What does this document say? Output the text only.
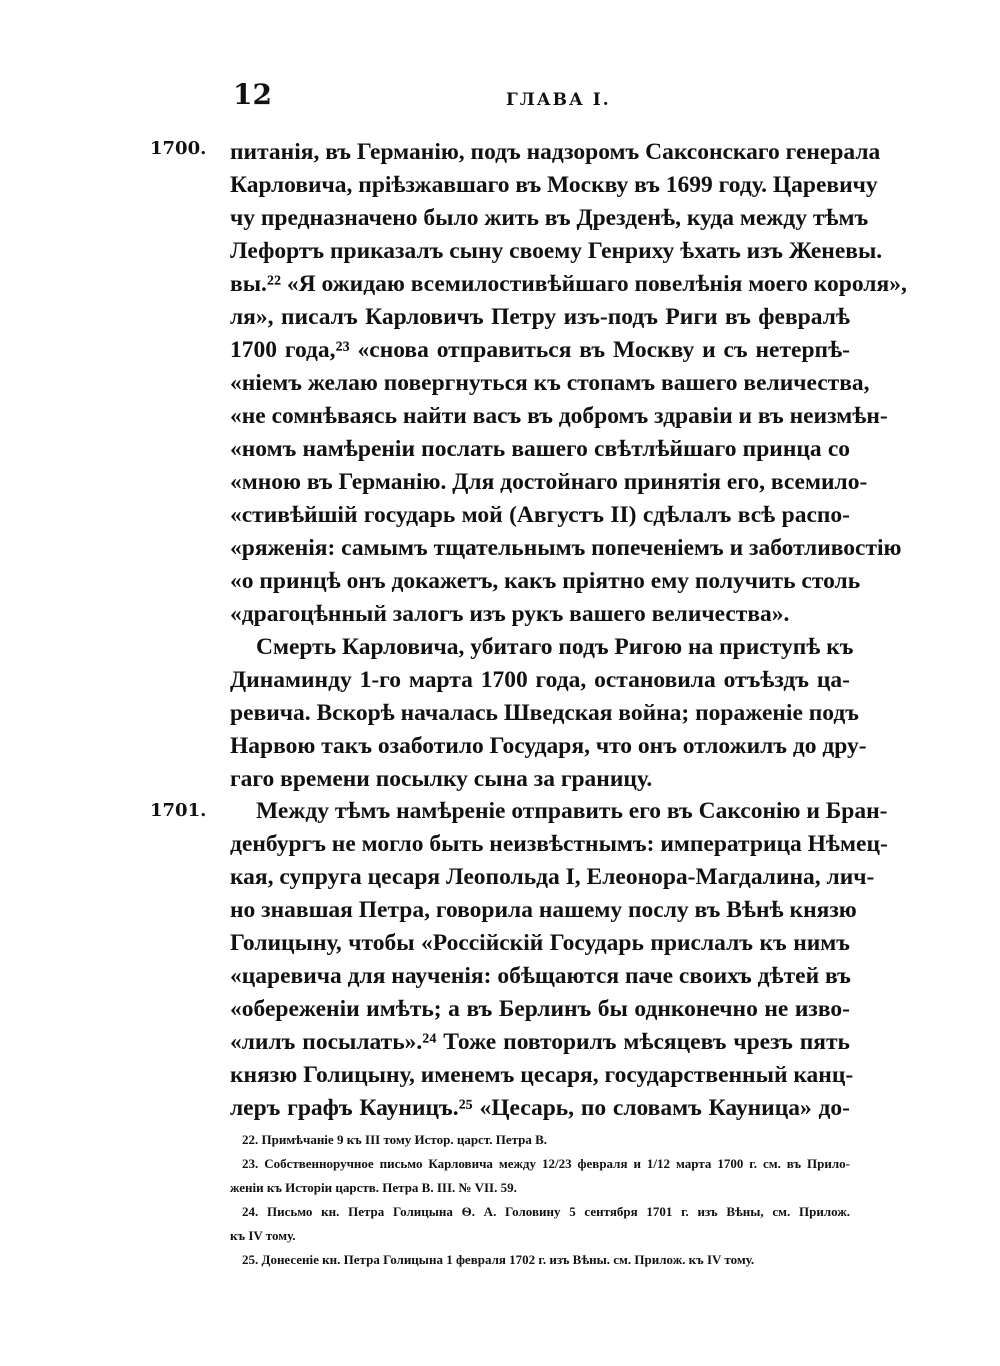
12	ГЛАВА I.
1700.
1701.
питанія, въ Германію, подъ надзоромъ Саксонскаго генерала
Карловича, пріѣзжавшаго въ Москву въ 1699 году. Царевичу
чу предназначено было жить въ Дрезденѣ, куда между тѣмъ
Лефортъ приказалъ сыну своему Генриху ѣхать изъ Женевы.
вы.²² «Я ожидаю всемилостивѣйшаго повелѣнія моего короля»,
ля», писалъ Карловичъ Петру изъ-подъ Риги въ февралѣ
1700 года,²³ «снова отправиться въ Москву и съ нетерпѣ-
«ніемъ желаю повергнуться къ стопамъ вашего величества,
«не сомнѣваясь найти васъ въ добромъ здравіи и въ неизмѣн-
«номъ намѣреніи послать вашего свѣтлѣйшаго принца со
«мною въ Германію. Для достойнаго принятія его, всемило-
«стивѣйшій государь мой (Августъ II) сдѣлалъ всѣ распо-
«ряженія: самымъ тщательнымъ попеченіемъ и заботливостію
«о принцѣ онъ докажетъ, какъ пріятно ему получить столь
«драгоцѣнный залогъ изъ рукъ вашего величества».
Смерть Карловича, убитаго подъ Ригою на приступѣ къ
Динаминду 1-го марта 1700 года, остановила отъѣздъ ца-
ревича. Вскорѣ началась Шведская война; пораженіе подъ
Нарвою такъ озаботило Государя, что онъ отложилъ до дру-
гаго времени посылку сына за границу.
Между тѣмъ намѣреніе отправить его въ Саксонію и Бран-
денбургъ не могло быть неизвѣстнымъ: императрица Нѣмец-
кая, супруга цесаря Леопольда I, Елеонора-Магдалина, лич-
но знавшая Петра, говорила нашему послу въ Вѣнѣ князю
Голицыну, чтобы «Россійскій Государь прислалъ къ нимъ
«царевича для наученія: обѣщаются паче своихъ дѣтей въ
«обереженіи имѣть; а въ Берлинъ бы однконечно не изво-
«лилъ посылать».²⁴ Тоже повторилъ мѣсяцевъ чрезъ пять
князю Голицыну, именемъ цесаря, государственный канц-
леръ графъ Кауницъ.²⁵ «Цесарь, по словамъ Кауница» до-
22. Примѣчаніе 9 къ III тому Истор. царст. Петра В.
23. Собственноручное письмо Карловича между 12/23 февраля и 1/12 марта 1700 г. см. въ Прило-
женіи къ Исторіи царств. Петра В. III. № VII. 59.
24. Письмо кн. Петра Голицына Ѳ. А. Головину 5 сентября 1701 г. изъ Вѣны, см. Прилож.
къ IV тому.
25. Донесеніе кн. Петра Голицына 1 февраля 1702 г. изъ Вѣны. см. Прилож. къ IV тому.
